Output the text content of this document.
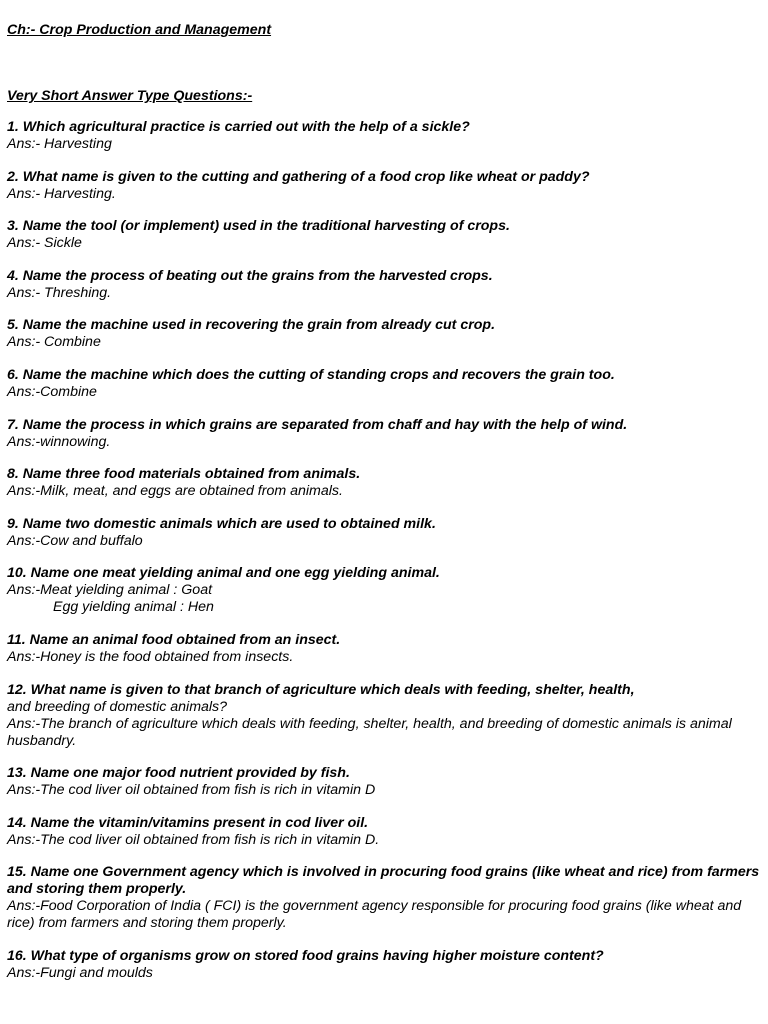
Ch:- Crop Production and Management
Very Short Answer Type Questions:-
1. Which agricultural practice is carried out with the help of a sickle?
Ans:- Harvesting
2. What name is given to the cutting and gathering of a food crop like wheat or paddy?
Ans:- Harvesting.
3. Name the tool (or implement) used in the traditional harvesting of crops.
Ans:- Sickle
4. Name the process of beating out the grains from the harvested crops.
Ans:- Threshing.
5. Name the machine used in recovering the grain from already cut crop.
Ans:- Combine
6. Name the machine which does the cutting of standing crops and recovers the grain too.
Ans:-Combine
7. Name the process in which grains are separated from chaff and hay with the help of wind.
Ans:-winnowing.
8. Name three food materials obtained from animals.
Ans:-Milk, meat, and eggs are obtained from animals.
9. Name two domestic animals which are used to obtained milk.
Ans:-Cow and buffalo
10. Name one meat yielding animal and one egg yielding animal.
Ans:-Meat yielding animal : Goat
Egg yielding animal : Hen
11. Name an animal food obtained from an insect.
Ans:-Honey is the food obtained from insects.
12. What name is given to that branch of agriculture which deals with feeding, shelter, health,
and breeding of domestic animals?
Ans:-The branch of agriculture which deals with feeding, shelter, health, and breeding of domestic animals is animal husbandry.
13. Name one major food nutrient provided by fish.
Ans:-The cod liver oil obtained from fish is rich in vitamin D
14. Name the vitamin/vitamins present in cod liver oil.
Ans:-The cod liver oil obtained from fish is rich in vitamin D.
15. Name one Government agency which is involved in procuring food grains (like wheat and rice) from farmers and storing them properly.
Ans:-Food Corporation of India ( FCI) is the government agency responsible for procuring food grains (like wheat and rice) from farmers and storing them properly.
16. What type of organisms grow on stored food grains having higher moisture content?
Ans:-Fungi and moulds
